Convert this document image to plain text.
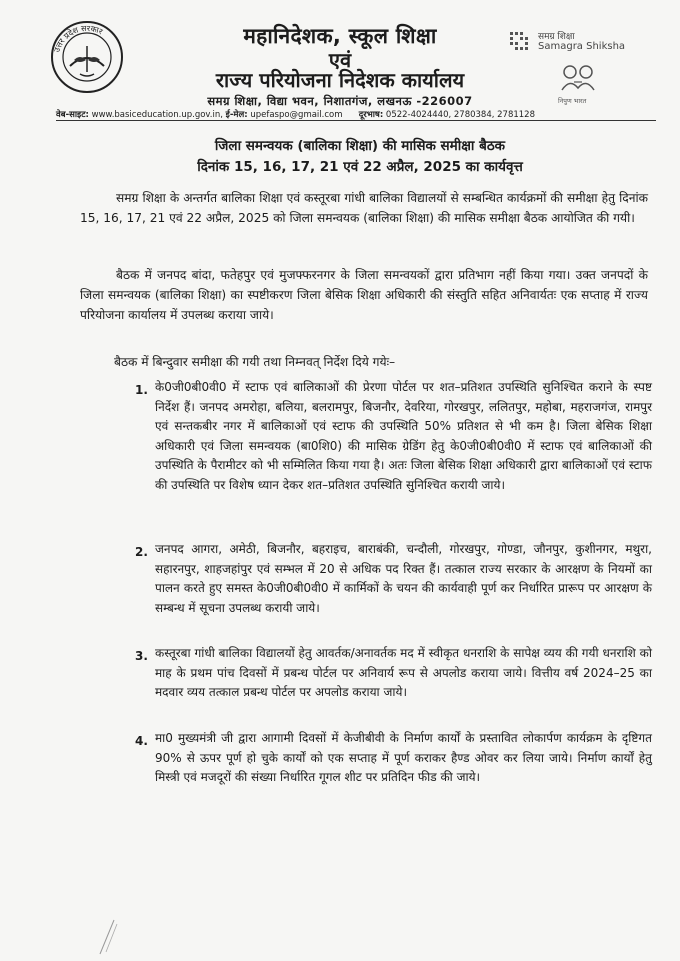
उत्तर प्रदेश सरकार	महानिदेशक, स्कूल शिक्षा
एवं
राज्य परियोजना निदेशक कार्यालय
समग्र शिक्षा, विद्या भवन, निशातगंज, लखनऊ -226007
समग्र शिक्षा
Samagra Shiksha
निपुण भारत
वेब-साइट: www.basiceducation.up.gov.in, ई-मेल: upefaspo@gmail.com दूरभाष: 0522-4024440, 2780384, 2781128
जिला समन्वयक (बालिका शिक्षा) की मासिक समीक्षा बैठक
दिनांक 15, 16, 17, 21 एवं 22 अप्रैल, 2025 का कार्यवृत्त
समग्र शिक्षा के अन्तर्गत बालिका शिक्षा एवं कस्तूरबा गांधी बालिका विद्यालयों से सम्बन्धित कार्यक्रमों की समीक्षा हेतु दिनांक 15, 16, 17, 21 एवं 22 अप्रैल, 2025 को जिला समन्वयक (बालिका शिक्षा) की मासिक समीक्षा बैठक आयोजित की गयी।
बैठक में जनपद बांदा, फतेहपुर एवं मुजफ्फरनगर के जिला समन्वयकों द्वारा प्रतिभाग नहीं किया गया। उक्त जनपदों के जिला समन्वयक (बालिका शिक्षा) का स्पष्टीकरण जिला बेसिक शिक्षा अधिकारी की संस्तुति सहित अनिवार्यतः एक सप्ताह में राज्य परियोजना कार्यालय में उपलब्ध कराया जाये।
बैठक में बिन्दुवार समीक्षा की गयी तथा निम्नवत् निर्देश दिये गयेः–
1. के0जी0बी0वी0 में स्टाफ एवं बालिकाओं की प्रेरणा पोर्टल पर शत–प्रतिशत उपस्थिति सुनिश्चित कराने के स्पष्ट निर्देश हैं। जनपद अमरोहा, बलिया, बलरामपुर, बिजनौर, देवरिया, गोरखपुर, ललितपुर, महोबा, महराजगंज, रामपुर एवं सन्तकबीर नगर में बालिकाओं एवं स्टाफ की उपस्थिति 50% प्रतिशत से भी कम है। जिला बेसिक शिक्षा अधिकारी एवं जिला समन्वयक (बा0शि0) की मासिक ग्रेडिंग हेतु के0जी0बी0वी0 में स्टाफ एवं बालिकाओं की उपस्थिति के पैरामीटर को भी सम्मिलित किया गया है। अतः जिला बेसिक शिक्षा अधिकारी द्वारा बालिकाओं एवं स्टाफ की उपस्थिति पर विशेष ध्यान देकर शत–प्रतिशत उपस्थिति सुनिश्चित करायी जाये।
2. जनपद आगरा, अमेठी, बिजनौर, बहराइच, बाराबंकी, चन्दौली, गोरखपुर, गोण्डा, जौनपुर, कुशीनगर, मथुरा, सहारनपुर, शाहजहांपुर एवं सम्भल में 20 से अधिक पद रिक्त हैं। तत्काल राज्य सरकार के आरक्षण के नियमों का पालन करते हुए समस्त के0जी0बी0वी0 में कार्मिकों के चयन की कार्यवाही पूर्ण कर निर्धारित प्रारूप पर आरक्षण के सम्बन्ध में सूचना उपलब्ध करायी जाये।
3. कस्तूरबा गांधी बालिका विद्यालयों हेतु आवर्तक/अनावर्तक मद में स्वीकृत धनराशि के सापेक्ष व्यय की गयी धनराशि को माह के प्रथम पांच दिवसों में प्रबन्ध पोर्टल पर अनिवार्य रूप से अपलोड कराया जाये। वित्तीय वर्ष 2024–25 का मदवार व्यय तत्काल प्रबन्ध पोर्टल पर अपलोड कराया जाये।
4. मा0 मुख्यमंत्री जी द्वारा आगामी दिवसों में केजीबीवी के निर्माण कार्यों के प्रस्तावित लोकार्पण कार्यक्रम के दृष्टिगत 90% से ऊपर पूर्ण हो चुके कार्यों को एक सप्ताह में पूर्ण कराकर हैण्ड ओवर कर लिया जाये। निर्माण कार्यों हेतु मिस्त्री एवं मजदूरों की संख्या निर्धारित गूगल शीट पर प्रतिदिन फीड की जाये।
